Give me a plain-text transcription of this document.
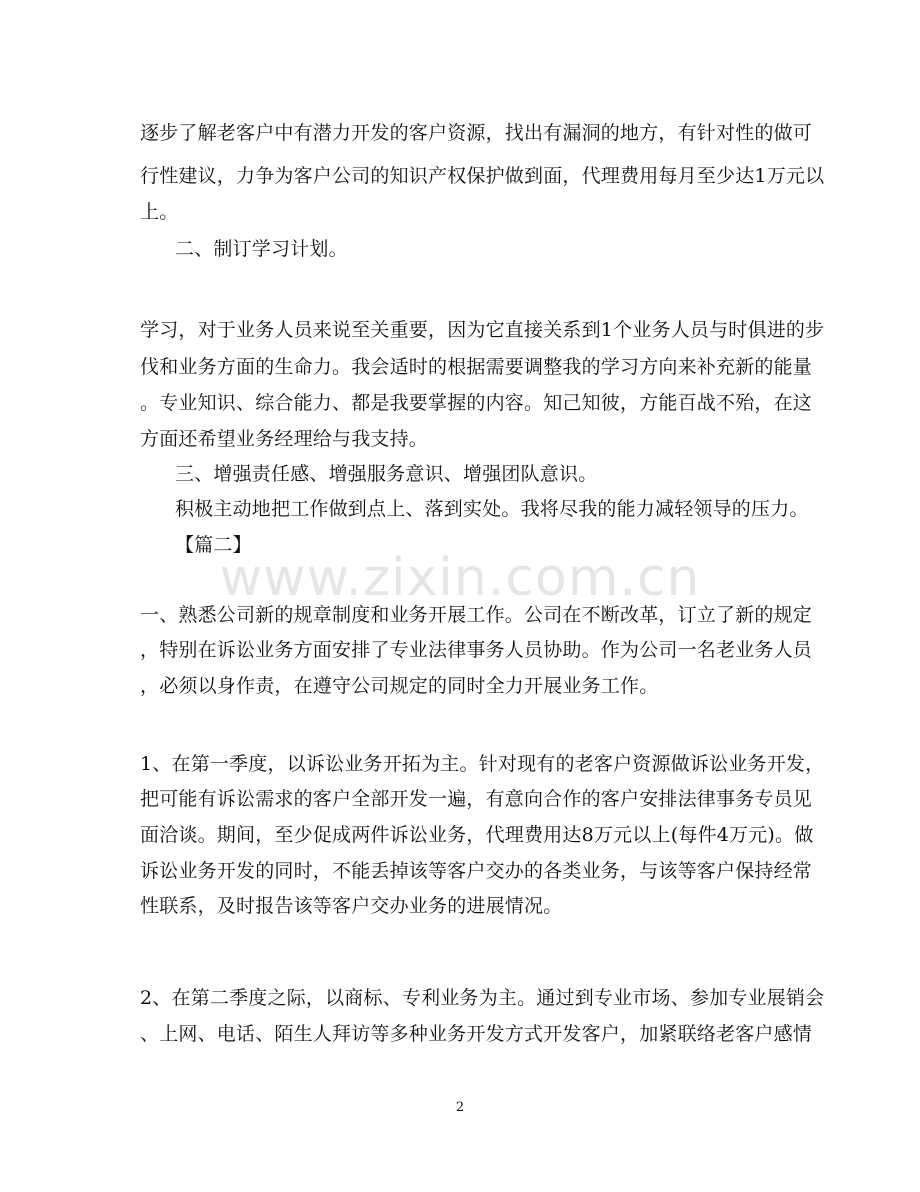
逐步了解老客户中有潜力开发的客户资源，找出有漏洞的地方，有针对性的做可
行性建议，力争为客户公司的知识产权保护做到面，代理费用每月至少达1万元以
上。
二、制订学习计划。
学习，对于业务人员来说至关重要，因为它直接关系到1个业务人员与时俱进的步
伐和业务方面的生命力。我会适时的根据需要调整我的学习方向来补充新的能量
。专业知识、综合能力、都是我要掌握的内容。知己知彼，方能百战不殆，在这
方面还希望业务经理给与我支持。
三、增强责任感、增强服务意识、增强团队意识。
积极主动地把工作做到点上、落到实处。我将尽我的能力减轻领导的压力。
【篇二】
www.zixin.com.cn
一、熟悉公司新的规章制度和业务开展工作。公司在不断改革，订立了新的规定
，特别在诉讼业务方面安排了专业法律事务人员协助。作为公司一名老业务人员
，必须以身作责，在遵守公司规定的同时全力开展业务工作。
1、在第一季度，以诉讼业务开拓为主。针对现有的老客户资源做诉讼业务开发，
把可能有诉讼需求的客户全部开发一遍，有意向合作的客户安排法律事务专员见
面洽谈。期间，至少促成两件诉讼业务，代理费用达8万元以上(每件4万元)。做
诉讼业务开发的同时，不能丢掉该等客户交办的各类业务，与该等客户保持经常
性联系，及时报告该等客户交办业务的进展情况。
2、在第二季度之际，以商标、专利业务为主。通过到专业市场、参加专业展销会
、上网、电话、陌生人拜访等多种业务开发方式开发客户，加紧联络老客户感情
2
